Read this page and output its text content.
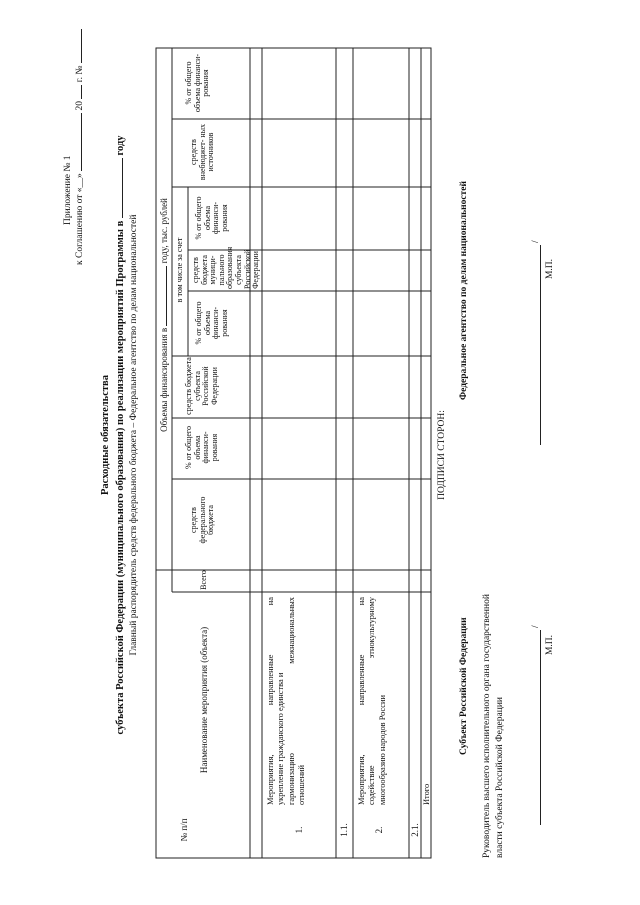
Приложение № 1 к Соглашению от «__»  20  г. №
Расходные обязательства субъекта Российской Федерации (муниципального образования) по реализации мероприятий Программы в  году
Главный распорядитель средств федерального бюджета – Федеральное агентство по делам национальностей
№ п/п
Наименование мероприятия (объекта)
Всего
Объемы финансирования в  году, тыс. рублей
средств федерального бюджета
% от общего объема финанси- рования
средств бюджета субъекта Российской Федерации
в том числе за счет
% от общего объема финанси- рования
средств бюджета муници- пального образования субъекта Российской Федерации
% от общего объема финанси- рования
средств внебюджет- ных источников
% от общего объема финанси- рования
1.
Мероприятия,
направленные
на
укрепление гражданского единства и гармонизацию
межнациональных
отношений
1.1.	2.
Мероприятия,
направленные
на
содействие
этнокультурному
многообразию народов России
2.1.
Итого
ПОДПИСИ СТОРОН:
Субъект Российской Федерации
Федеральное агентство по делам национальностей
Руководитель высшего исполнительного органа государственной власти субъекта Российской Федерации
/
М.П.
/
М.П.
